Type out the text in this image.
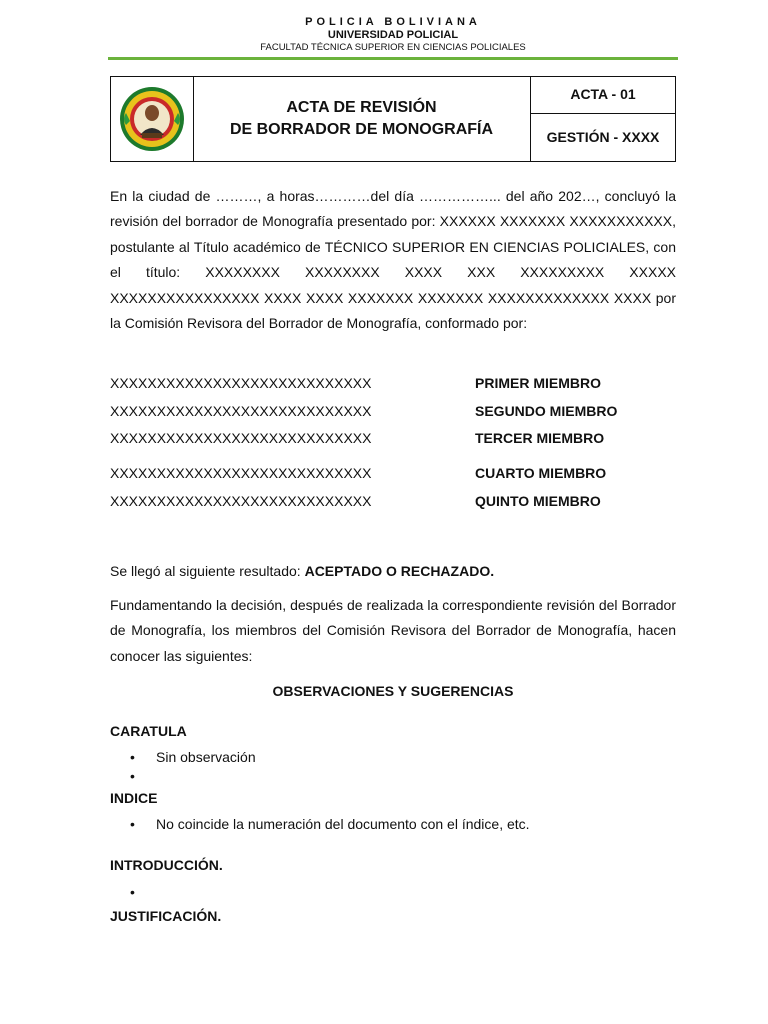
POLICIA BOLIVIANA
UNIVERSIDAD POLICIAL
FACULTAD TÉCNICA SUPERIOR EN CIENCIAS POLICIALES
ACTA DE REVISIÓN
DE BORRADOR DE MONOGRAFÍA
ACTA - 01
GESTIÓN - XXXX

En la ciudad de ………, a horas…………del día ……………... del año 202…, concluyó la revisión del borrador de Monografía presentado por: XXXXXX XXXXXXX XXXXXXXXXXX, postulante al Título académico de TÉCNICO SUPERIOR EN CIENCIAS POLICIALES, con el título: XXXXXXXX XXXXXXXX XXXX XXX XXXXXXXXX XXXXX XXXXXXXXXXXXXXXX XXXX XXXX XXXXXXX XXXXXXX XXXXXXXXXXXXX XXXX por la Comisión Revisora del Borrador de Monografía, conformado por:

XXXXXXXXXXXXXXXXXXXXXXXXXXXX	PRIMER MIEMBRO
XXXXXXXXXXXXXXXXXXXXXXXXXXXX	SEGUNDO MIEMBRO
XXXXXXXXXXXXXXXXXXXXXXXXXXXX	TERCER MIEMBRO
XXXXXXXXXXXXXXXXXXXXXXXXXXXX	CUARTO MIEMBRO
XXXXXXXXXXXXXXXXXXXXXXXXXXXX	QUINTO MIEMBRO
Se llegó al siguiente resultado: ACEPTADO O RECHAZADO.

Fundamentando la decisión, después de realizada la correspondiente revisión del Borrador de Monografía, los miembros del Comisión Revisora del Borrador de Monografía, hacen conocer las siguientes:

OBSERVACIONES Y SUGERENCIAS
CARATULA
• Sin observación
•
INDICE
• No coincide la numeración del documento con el índice, etc.
INTRODUCCIÓN.
•
JUSTIFICACIÓN.
